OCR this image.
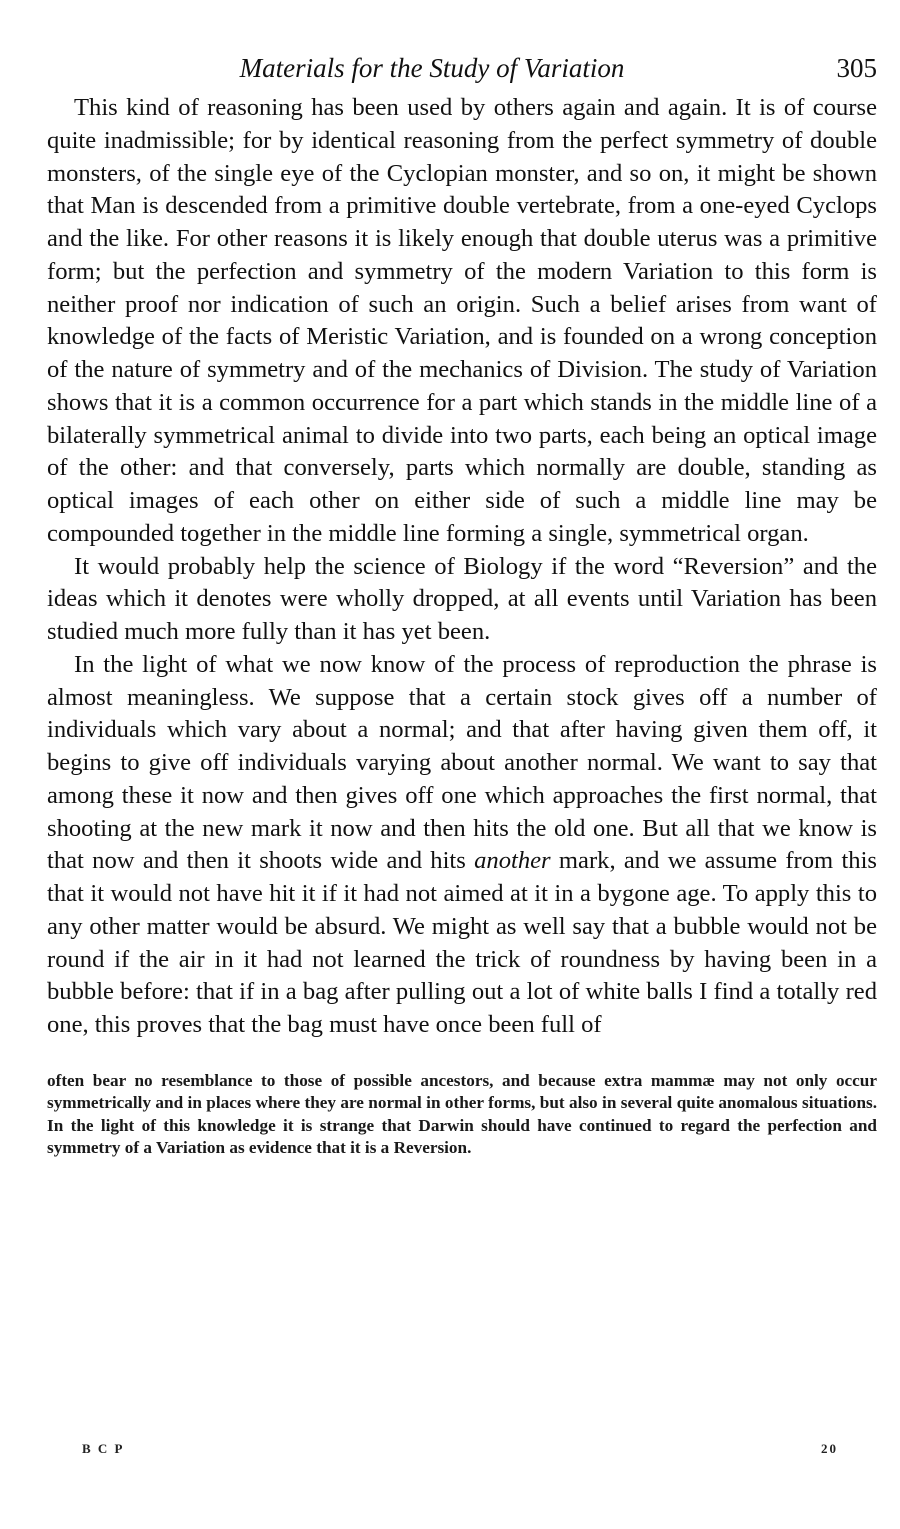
Materials for the Study of Variation	305

This kind of reasoning has been used by others again and again. It is of course quite inadmissible; for by identical reasoning from the perfect symmetry of double monsters, of the single eye of the Cyclopian monster, and so on, it might be shown that Man is descended from a primitive double vertebrate, from a one-eyed Cyclops and the like. For other reasons it is likely enough that double uterus was a primitive form; but the perfection and symmetry of the modern Variation to this form is neither proof nor indication of such an origin. Such a belief arises from want of knowledge of the facts of Meristic Variation, and is founded on a wrong conception of the nature of symmetry and of the mechanics of Division. The study of Variation shows that it is a common occurrence for a part which stands in the middle line of a bilaterally symmetrical animal to divide into two parts, each being an optical image of the other: and that conversely, parts which normally are double, standing as optical images of each other on either side of such a middle line may be compounded together in the middle line forming a single, symmetrical organ.

It would probably help the science of Biology if the word “Reversion” and the ideas which it denotes were wholly dropped, at all events until Variation has been studied much more fully than it has yet been.

In the light of what we now know of the process of reproduction the phrase is almost meaningless. We suppose that a certain stock gives off a number of individuals which vary about a normal; and that after having given them off, it begins to give off individuals varying about another normal. We want to say that among these it now and then gives off one which approaches the first normal, that shooting at the new mark it now and then hits the old one. But all that we know is that now and then it shoots wide and hits another mark, and we assume from this that it would not have hit it if it had not aimed at it in a bygone age. To apply this to any other matter would be absurd. We might as well say that a bubble would not be round if the air in it had not learned the trick of roundness by having been in a bubble before: that if in a bag after pulling out a lot of white balls I find a totally red one, this proves that the bag must have once been full of

often bear no resemblance to those of possible ancestors, and because extra mammæ may not only occur symmetrically and in places where they are normal in other forms, but also in several quite anomalous situations. In the light of this knowledge it is strange that Darwin should have continued to regard the perfection and symmetry of a Variation as evidence that it is a Reversion.

B C P	20
